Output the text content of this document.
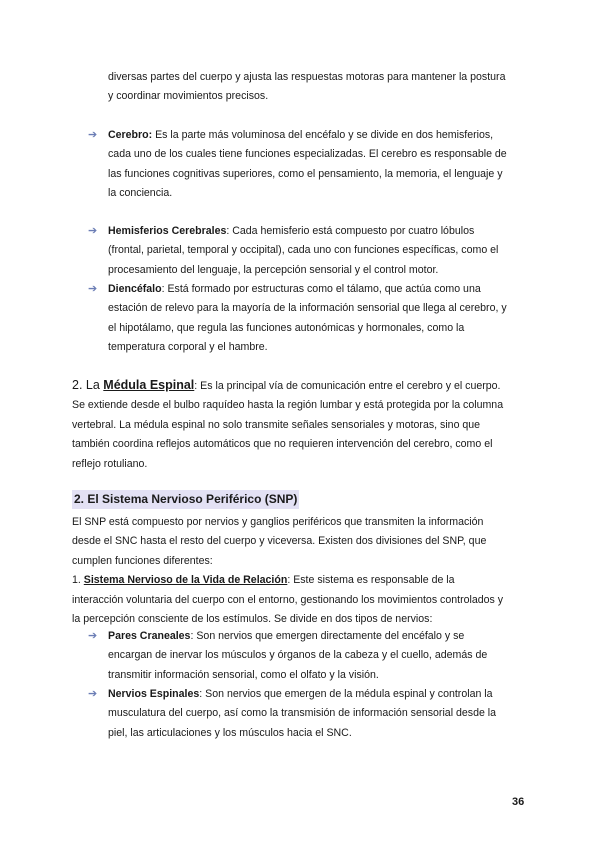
diversas partes del cuerpo y ajusta las respuestas motoras para mantener la postura
y coordinar movimientos precisos.
➔ Cerebro: Es la parte más voluminosa del encéfalo y se divide en dos hemisferios,
cada uno de los cuales tiene funciones especializadas. El cerebro es responsable de
las funciones cognitivas superiores, como el pensamiento, la memoria, el lenguaje y
la conciencia.
➔ Hemisferios Cerebrales: Cada hemisferio está compuesto por cuatro lóbulos
(frontal, parietal, temporal y occipital), cada uno con funciones específicas, como el
procesamiento del lenguaje, la percepción sensorial y el control motor.
➔ Diencéfalo: Está formado por estructuras como el tálamo, que actúa como una
estación de relevo para la mayoría de la información sensorial que llega al cerebro, y
el hipotálamo, que regula las funciones autonómicas y hormonales, como la
temperatura corporal y el hambre.
2. La Médula Espinal: Es la principal vía de comunicación entre el cerebro y el cuerpo.
Se extiende desde el bulbo raquídeo hasta la región lumbar y está protegida por la columna
vertebral. La médula espinal no solo transmite señales sensoriales y motoras, sino que
también coordina reflejos automáticos que no requieren intervención del cerebro, como el
reflejo rotuliano.
2. El Sistema Nervioso Periférico (SNP)
El SNP está compuesto por nervios y ganglios periféricos que transmiten la información
desde el SNC hasta el resto del cuerpo y viceversa. Existen dos divisiones del SNP, que
cumplen funciones diferentes:
1. Sistema Nervioso de la Vida de Relación: Este sistema es responsable de la
interacción voluntaria del cuerpo con el entorno, gestionando los movimientos controlados y
la percepción consciente de los estímulos. Se divide en dos tipos de nervios:
➔ Pares Craneales: Son nervios que emergen directamente del encéfalo y se
encargan de inervar los músculos y órganos de la cabeza y el cuello, además de
transmitir información sensorial, como el olfato y la visión.
➔ Nervios Espinales: Son nervios que emergen de la médula espinal y controlan la
musculatura del cuerpo, así como la transmisión de información sensorial desde la
piel, las articulaciones y los músculos hacia el SNC.
36
